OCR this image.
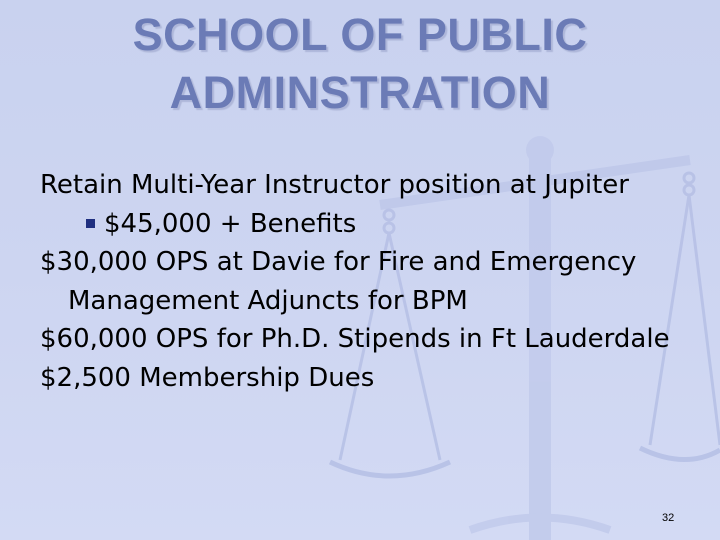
SCHOOL OF PUBLIC
ADMINSTRATION

Retain Multi-Year Instructor position at Jupiter

$45,000 + Benefits

$30,000 OPS at Davie for Fire and Emergency Management Adjuncts for BPM

$60,000 OPS for Ph.D. Stipends in Ft Lauderdale

$2,500 Membership Dues

32
